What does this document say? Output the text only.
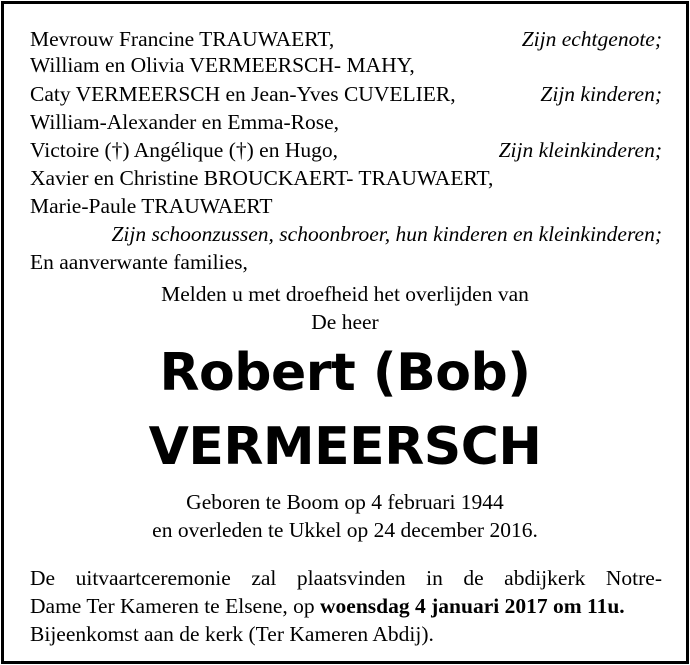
Mevrouw Francine TRAUWAERT,	Zijn echtgenote;
William en Olivia VERMEERSCH- MAHY,
Caty VERMEERSCH en Jean-Yves CUVELIER,	Zijn kinderen;
William-Alexander en Emma-Rose,
Victoire (†) Angélique (†) en Hugo,	Zijn kleinkinderen;
Xavier en Christine BROUCKAERT- TRAUWAERT,
Marie-Paule TRAUWAERT
Zijn schoonzussen, schoonbroer, hun kinderen en kleinkinderen;
En aanverwante families,
Melden u met droefheid het overlijden van
De heer
Robert (Bob)
VERMEERSCH
Geboren te Boom op 4 februari 1944
en overleden te Ukkel op 24 december 2016.
De uitvaartceremonie zal plaatsvinden in de abdijkerk Notre-
Dame Ter Kameren te Elsene, op woensdag 4 januari 2017 om 11u.
Bijeenkomst aan de kerk (Ter Kameren Abdij).
